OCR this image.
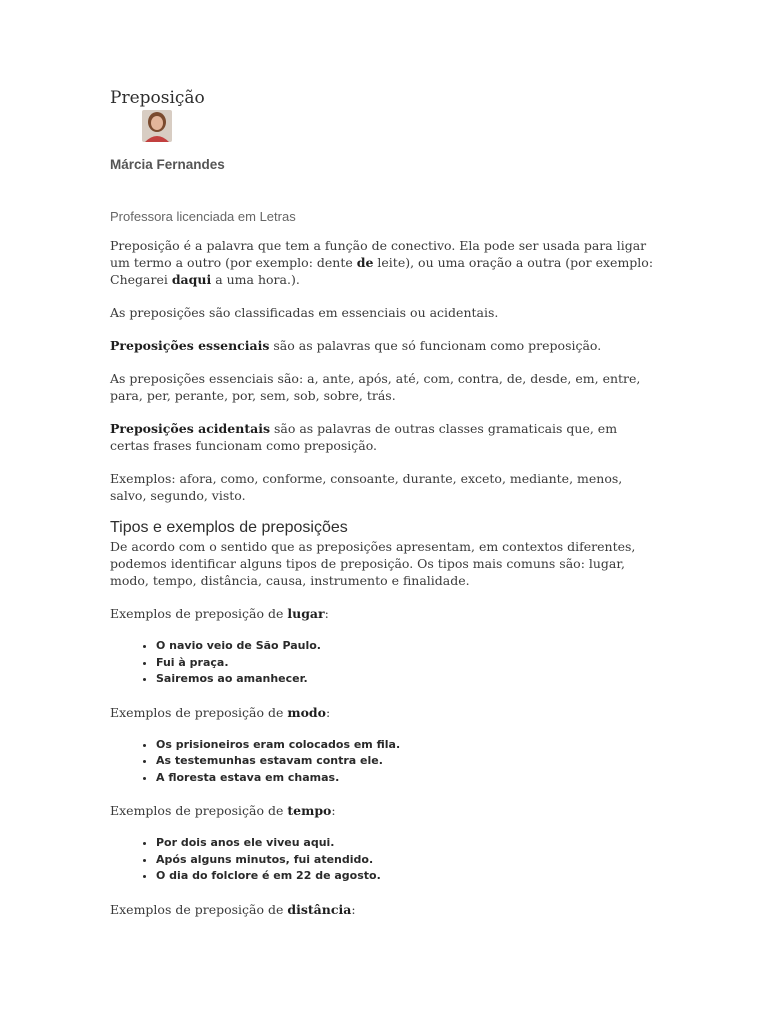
Preposição
Márcia Fernandes
Professora licenciada em Letras

Preposição é a palavra que tem a função de conectivo. Ela pode ser usada para ligar um termo a outro (por exemplo: dente de leite), ou uma oração a outra (por exemplo: Chegarei daqui a uma hora.).

As preposições são classificadas em essenciais ou acidentais.

Preposições essenciais são as palavras que só funcionam como preposição.

As preposições essenciais são: a, ante, após, até, com, contra, de, desde, em, entre, para, per, perante, por, sem, sob, sobre, trás.

Preposições acidentais são as palavras de outras classes gramaticais que, em certas frases funcionam como preposição.

Exemplos: afora, como, conforme, consoante, durante, exceto, mediante, menos, salvo, segundo, visto.

Tipos e exemplos de preposições

De acordo com o sentido que as preposições apresentam, em contextos diferentes, podemos identificar alguns tipos de preposição. Os tipos mais comuns são: lugar, modo, tempo, distância, causa, instrumento e finalidade.

Exemplos de preposição de lugar:

• O navio veio de São Paulo.
• Fui à praça.
• Sairemos ao amanhecer.

Exemplos de preposição de modo:

• Os prisioneiros eram colocados em fila.
• As testemunhas estavam contra ele.
• A floresta estava em chamas.

Exemplos de preposição de tempo:

• Por dois anos ele viveu aqui.
• Após alguns minutos, fui atendido.
• O dia do folclore é em 22 de agosto.

Exemplos de preposição de distância:
